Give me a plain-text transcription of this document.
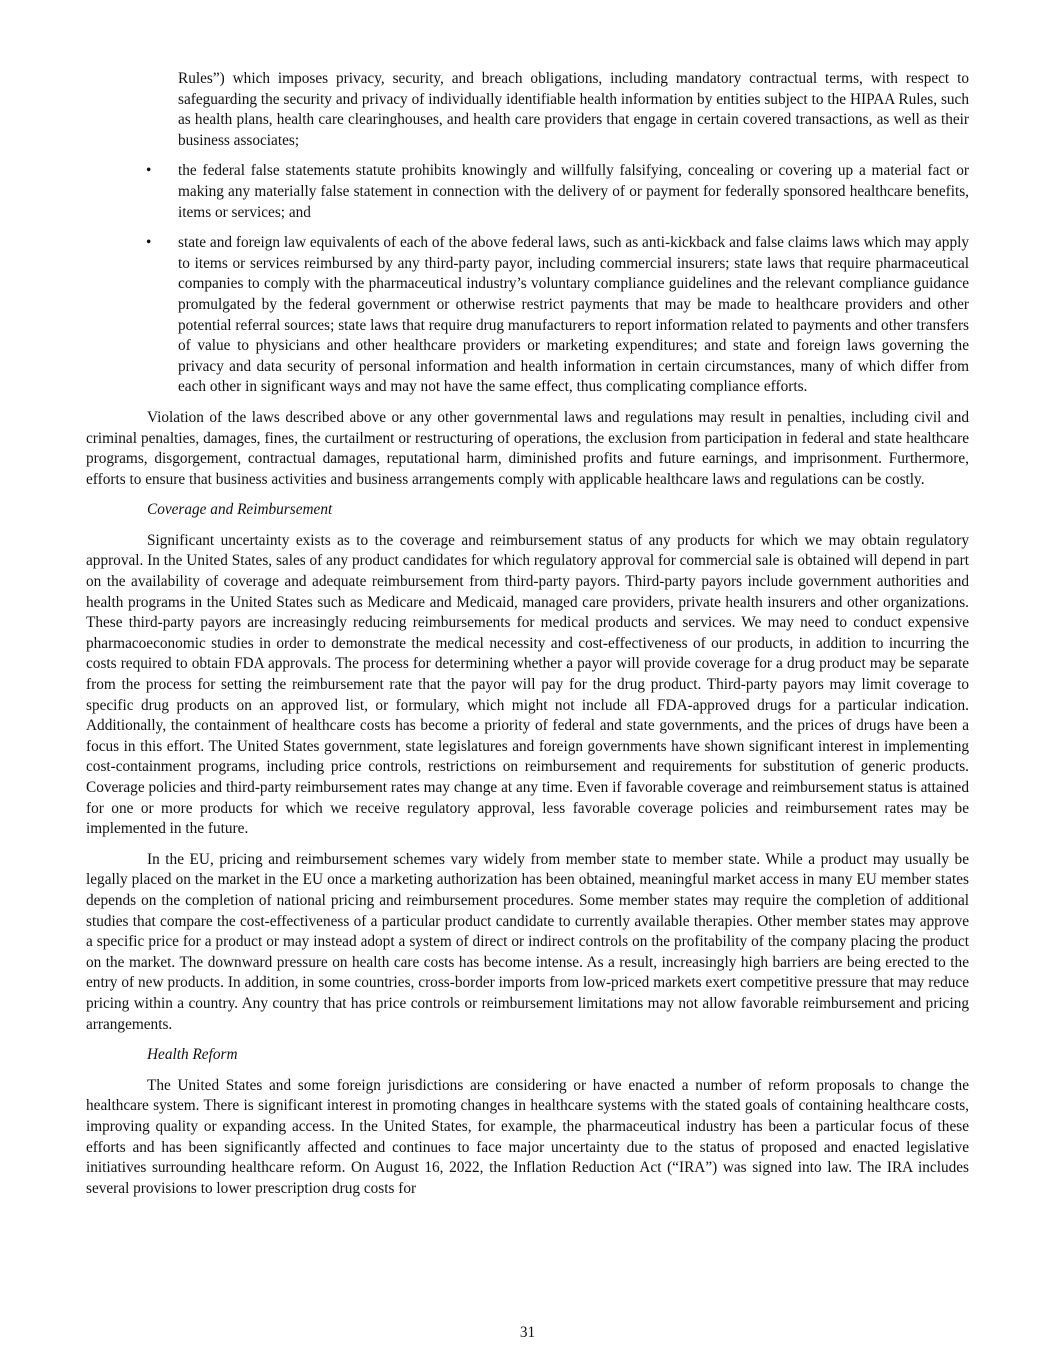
Rules”) which imposes privacy, security, and breach obligations, including mandatory contractual terms, with respect to safeguarding the security and privacy of individually identifiable health information by entities subject to the HIPAA Rules, such as health plans, health care clearinghouses, and health care providers that engage in certain covered transactions, as well as their business associates;

• the federal false statements statute prohibits knowingly and willfully falsifying, concealing or covering up a material fact or making any materially false statement in connection with the delivery of or payment for federally sponsored healthcare benefits, items or services; and

• state and foreign law equivalents of each of the above federal laws, such as anti-kickback and false claims laws which may apply to items or services reimbursed by any third-party payor, including commercial insurers; state laws that require pharmaceutical companies to comply with the pharmaceutical industry’s voluntary compliance guidelines and the relevant compliance guidance promulgated by the federal government or otherwise restrict payments that may be made to healthcare providers and other potential referral sources; state laws that require drug manufacturers to report information related to payments and other transfers of value to physicians and other healthcare providers or marketing expenditures; and state and foreign laws governing the privacy and data security of personal information and health information in certain circumstances, many of which differ from each other in significant ways and may not have the same effect, thus complicating compliance efforts.

Violation of the laws described above or any other governmental laws and regulations may result in penalties, including civil and criminal penalties, damages, fines, the curtailment or restructuring of operations, the exclusion from participation in federal and state healthcare programs, disgorgement, contractual damages, reputational harm, diminished profits and future earnings, and imprisonment. Furthermore, efforts to ensure that business activities and business arrangements comply with applicable healthcare laws and regulations can be costly.

Coverage and Reimbursement

Significant uncertainty exists as to the coverage and reimbursement status of any products for which we may obtain regulatory approval. In the United States, sales of any product candidates for which regulatory approval for commercial sale is obtained will depend in part on the availability of coverage and adequate reimbursement from third-party payors. Third-party payors include government authorities and health programs in the United States such as Medicare and Medicaid, managed care providers, private health insurers and other organizations. These third-party payors are increasingly reducing reimbursements for medical products and services. We may need to conduct expensive pharmacoeconomic studies in order to demonstrate the medical necessity and cost-effectiveness of our products, in addition to incurring the costs required to obtain FDA approvals. The process for determining whether a payor will provide coverage for a drug product may be separate from the process for setting the reimbursement rate that the payor will pay for the drug product. Third-party payors may limit coverage to specific drug products on an approved list, or formulary, which might not include all FDA-approved drugs for a particular indication. Additionally, the containment of healthcare costs has become a priority of federal and state governments, and the prices of drugs have been a focus in this effort. The United States government, state legislatures and foreign governments have shown significant interest in implementing cost-containment programs, including price controls, restrictions on reimbursement and requirements for substitution of generic products. Coverage policies and third-party reimbursement rates may change at any time. Even if favorable coverage and reimbursement status is attained for one or more products for which we receive regulatory approval, less favorable coverage policies and reimbursement rates may be implemented in the future.

In the EU, pricing and reimbursement schemes vary widely from member state to member state. While a product may usually be legally placed on the market in the EU once a marketing authorization has been obtained, meaningful market access in many EU member states depends on the completion of national pricing and reimbursement procedures. Some member states may require the completion of additional studies that compare the cost-effectiveness of a particular product candidate to currently available therapies. Other member states may approve a specific price for a product or may instead adopt a system of direct or indirect controls on the profitability of the company placing the product on the market. The downward pressure on health care costs has become intense. As a result, increasingly high barriers are being erected to the entry of new products. In addition, in some countries, cross-border imports from low-priced markets exert competitive pressure that may reduce pricing within a country. Any country that has price controls or reimbursement limitations may not allow favorable reimbursement and pricing arrangements.

Health Reform

The United States and some foreign jurisdictions are considering or have enacted a number of reform proposals to change the healthcare system. There is significant interest in promoting changes in healthcare systems with the stated goals of containing healthcare costs, improving quality or expanding access. In the United States, for example, the pharmaceutical industry has been a particular focus of these efforts and has been significantly affected and continues to face major uncertainty due to the status of proposed and enacted legislative initiatives surrounding healthcare reform. On August 16, 2022, the Inflation Reduction Act (“IRA”) was signed into law. The IRA includes several provisions to lower prescription drug costs for

31
